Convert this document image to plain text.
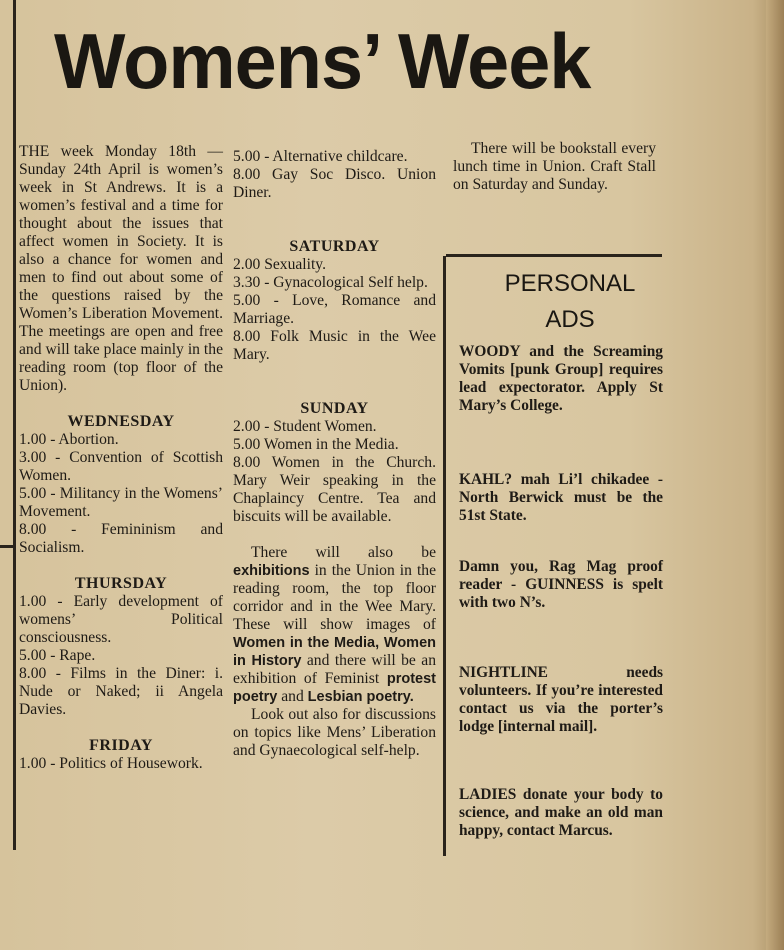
Womens’ Week

THE week Monday 18th — Sunday 24th April is women’s week in St Andrews. It is a women’s festival and a time for thought about the issues that affect women in Society. It is also a chance for women and men to find out about some of the questions raised by the Women’s Liberation Movement. The meetings are open and free and will take place mainly in the reading room (top floor of the Union).

WEDNESDAY

1.00 - Abortion.

3.00 - Convention of Scottish Women.

5.00 - Militancy in the Womens’ Movement.

8.00 - Femininism and Socialism.

THURSDAY

1.00 - Early development of womens’ Political consciousness.

5.00 - Rape.

8.00 - Films in the Diner: i. Nude or Naked; ii Angela Davies.

FRIDAY

1.00 - Politics of Housework.

5.00 - Alternative childcare.

8.00 Gay Soc Disco. Union Diner.

SATURDAY

2.00 Sexuality.

3.30 - Gynacological Self help.

5.00 - Love, Romance and Marriage.

8.00 Folk Music in the Wee Mary.

SUNDAY

2.00 - Student Women.

5.00 Women in the Media.

8.00 Women in the Church. Mary Weir speaking in the Chaplaincy Centre. Tea and biscuits will be available.

There will also be exhibitions in the Union in the reading room, the top floor corridor and in the Wee Mary. These will show images of Women in the Media, Women in History and there will be an exhibition of Feminist protest poetry and Lesbian poetry.

Look out also for discussions on topics like Mens’ Liberation and Gynaecological self-help.

There will be bookstall every lunch time in Union. Craft Stall on Saturday and Sunday.

PERSONAL
ADS
WOODY and the Screaming Vomits [punk Group] requires lead expectorator. Apply St Mary’s College.
KAHL? mah Li’l chikadee - North Berwick must be the 51st State.
Damn you, Rag Mag proof reader - GUINNESS is spelt with two N’s.
NIGHTLINE needs volunteers. If you’re interested contact us via the porter’s lodge [internal mail].
LADIES donate your body to science, and make an old man happy, contact Marcus.
